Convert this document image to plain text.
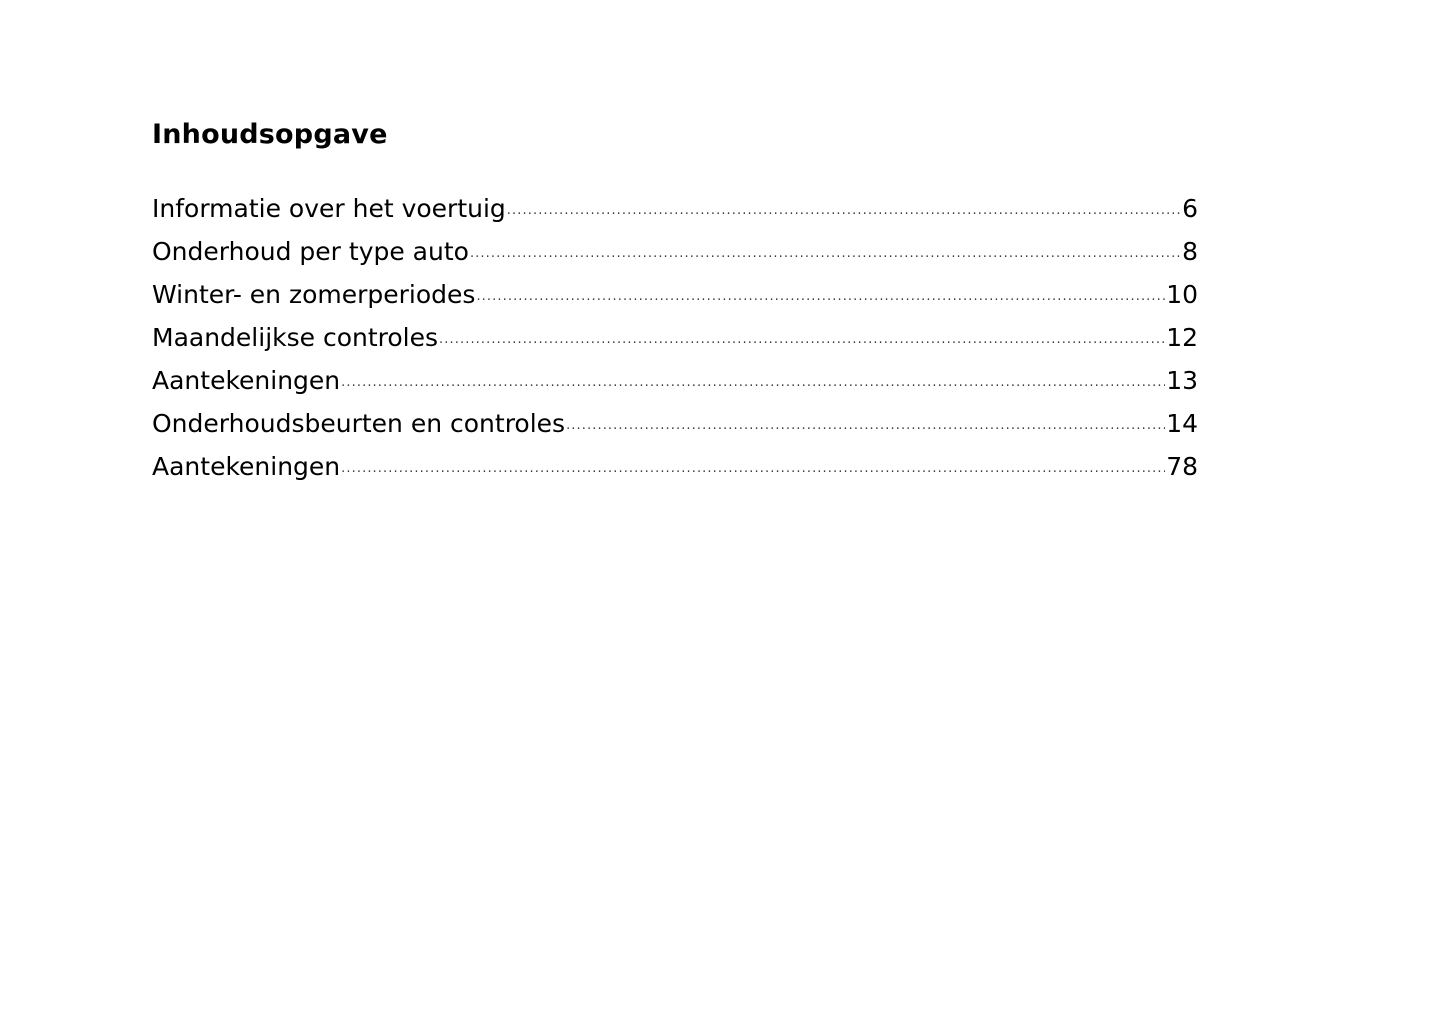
Inhoudsopgave
Informatie over het voertuig .....	6
Onderhoud per type auto .....	8
Winter- en zomerperiodes .....	10
Maandelijkse controles .....	12
Aantekeningen .....	13
Onderhoudsbeurten en controles .....	14
Aantekeningen .....	78
